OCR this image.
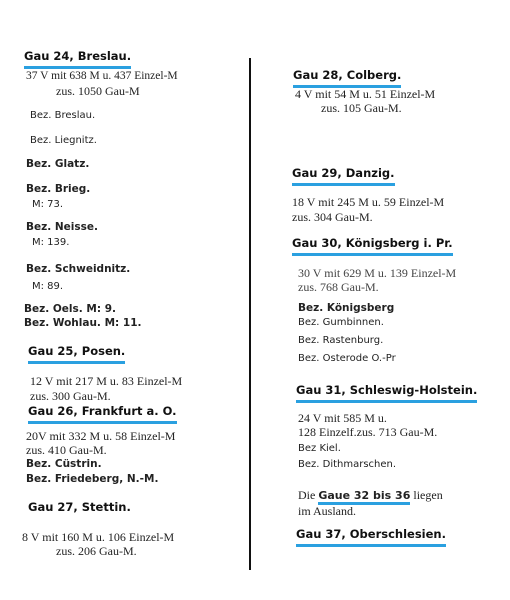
Gau 24, Breslau.
37 V mit 638 M u. 437 Einzel-M
zus. 1050 Gau-M
Bez. Breslau.
Bez. Liegnitz.
Bez. Glatz.
Bez. Brieg.
M: 73.
Bez. Neisse.
M: 139.
Bez. Schweidnitz.
M: 89.
Bez. Oels. M: 9.
Bez. Wohlau. M: 11.
Gau 25, Posen.
12 V mit 217 M u. 83 Einzel-M
zus. 300 Gau-M.
Gau 26, Frankfurt a. O.
20V mit 332 M u. 58 Einzel-M
zus. 410 Gau-M.
Bez. Cüstrin.
Bez. Friedeberg, N.-M.
Gau 27, Stettin.
8 V mit 160 M u. 106 Einzel-M
zus. 206 Gau-M.
Gau 28, Colberg.
4 V mit 54 M u. 51 Einzel-M
zus. 105 Gau-M.
Gau 29, Danzig.
18 V mit 245 M u. 59 Einzel-M
zus. 304 Gau-M.
Gau 30, Königsberg i. Pr.
30 V mit 629 M u. 139 Einzel-M
zus. 768 Gau-M.
Bez. Königsberg
Bez. Gumbinnen.
Bez. Rastenburg.
Bez. Osterode O.-Pr
Gau 31, Schleswig-Holstein.
24 V mit 585 M u.
128 Einzelf.zus. 713 Gau-M.
Bez Kiel.
Bez. Dithmarschen.
Die Gaue 32 bis 36 liegen
im Ausland.
Gau 37, Oberschlesien.
